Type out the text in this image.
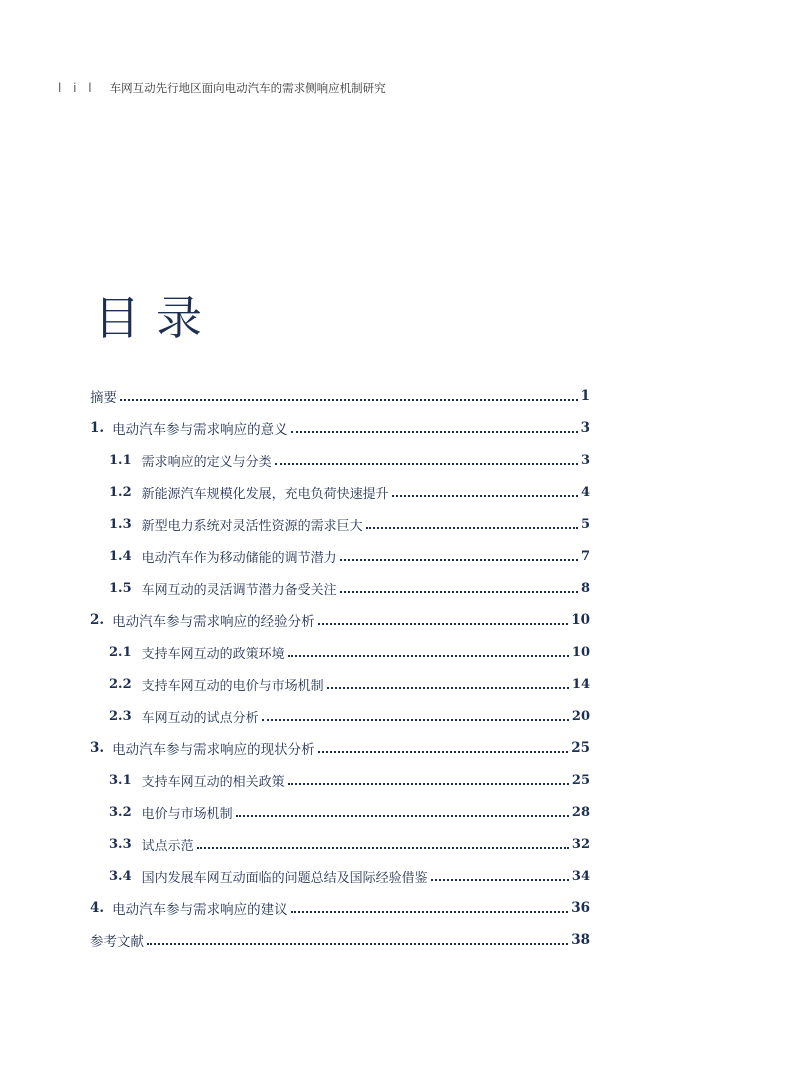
l i l 车网互动先行地区面向电动汽车的需求侧响应机制研究
目录
摘要	1
1. 电动汽车参与需求响应的意义	3
1.1 需求响应的定义与分类	3
1.2 新能源汽车规模化发展，充电负荷快速提升	4
1.3 新型电力系统对灵活性资源的需求巨大	5
1.4 电动汽车作为移动储能的调节潜力	7
1.5 车网互动的灵活调节潜力备受关注	8
2. 电动汽车参与需求响应的经验分析	10
2.1 支持车网互动的政策环境	10
2.2 支持车网互动的电价与市场机制	14
2.3 车网互动的试点分析	20
3. 电动汽车参与需求响应的现状分析	25
3.1 支持车网互动的相关政策	25
3.2 电价与市场机制	28
3.3 试点示范	32
3.4 国内发展车网互动面临的问题总结及国际经验借鉴	34
4. 电动汽车参与需求响应的建议	36
参考文献	38
